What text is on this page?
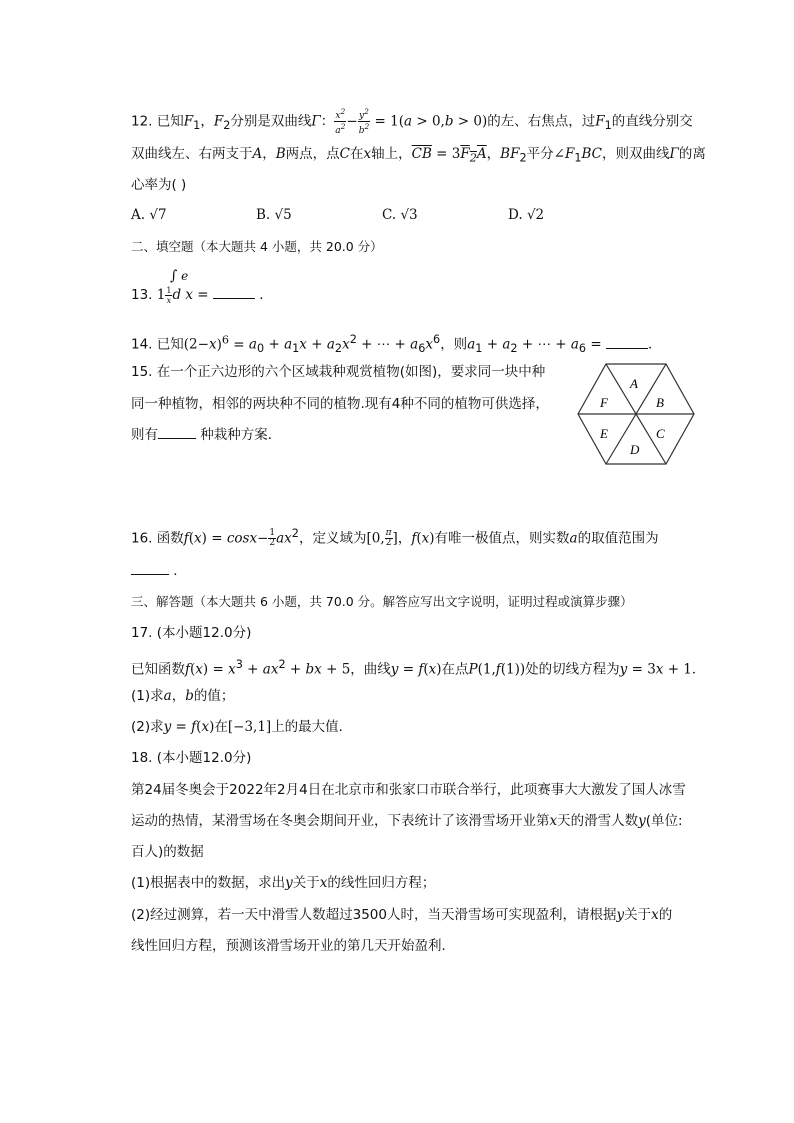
12. 已知$F_1$，$F_2$分别是双曲线Γ： $\frac{x^2}{a^2} - \frac{y^2}{b^2} = 1(a > 0,b > 0)$的左、右焦点，过$F_1$的直线分别交
双曲线左、右两支于A，B两点，点C在x轴上，$\overline{CB} = 3F_2A$，$BF_2$平分$\angle F_1BC$，则双曲线Γ的离
心率为( )
A. √7	B. √5	C. √3	D. √2
二、填空题（本大题共 4 小题，共 20.0 分）
∫ e
13. $1 \frac{1}{x}$ d x =	．
14. 已知$(2-x)^6 = a_0 + a_1x + a_2x^2$ + ⋯ + $a_6x^6$，则$a_1 + a_2$ + ⋯ + $a_6$ =	．
15. 在一个正六边形的六个区域栽种观赏植物(如图)，要求同一块中种
同一种植物，相邻的两块种不同的植物.现有4种不同的植物可供选择，
则有	种栽种方案．
A
B
C
D
E
F
16. 函数$f(x) = \cos x- \frac{1}{2} ax^2$，定义域为[0, $\frac{\pi}{2}$ ]，f(x)有唯一极值点，则实数a的取值范围为
．
三、解答题（本大题共 6 小题，共 70.0 分。解答应写出文字说明，证明过程或演算步骤）
17. (本小题12.0分)
已知函数$f(x) = x^3 + ax^2$ + bx + 5，曲线y = f(x)在点P(1,f(1))处的切线方程为y = 3x + 1．
(1)求a，b的值；
(2)求y = f(x)在[−3,1]上的最大值．
18. (本小题12.0分)
第24届冬奥会于2022年2月4日在北京市和张家口市联合举行，此项赛事大大激发了国人冰雪
运动的热情，某滑雪场在冬奥会期间开业，下表统计了该滑雪场开业第x天的滑雪人数y(单位:
百人)的数据
(1)根据表中的数据，求出y关于x的线性回归方程；
(2)经过测算，若一天中滑雪人数超过3500人时，当天滑雪场可实现盈利，请根据y关于x的
线性回归方程，预测该滑雪场开业的第几天开始盈利．
